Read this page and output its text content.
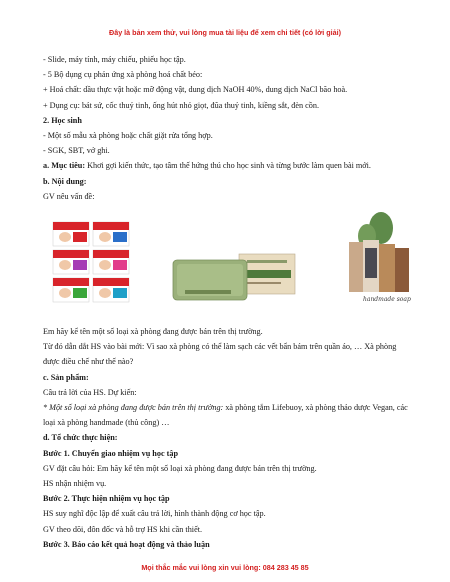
Đây là bản xem thử, vui lòng mua tài liệu để xem chi tiết (có lời giải)
- Slide, máy tính, máy chiếu, phiếu học tập.
- 5 Bộ dụng cụ phản ứng xà phòng hoá chất béo:
+ Hoá chất: dầu thực vật hoặc mỡ động vật, dung dịch NaOH 40%, dung dịch NaCl bão hoà.
+ Dụng cụ: bát sứ, cốc thuỷ tinh, ống hút nhỏ giọt, đũa thuỷ tinh, kiềng sắt, đèn cồn.
2. Học sinh
- Một số mẫu xà phòng hoặc chất giặt rửa tổng hợp.
- SGK, SBT, vở ghi.
a. Mục tiêu: Khơi gợi kiến thức, tạo tâm thế hứng thú cho học sinh và từng bước làm quen bài mới.
b. Nội dung:
GV nêu vấn đề:
handmade soap
Em hãy kể tên một số loại xà phòng đang được bán trên thị trường.
Từ đó dẫn dắt HS vào bài mới: Vì sao xà phòng có thể làm sạch các vết bẩn bám trên quần áo, … Xà phòng được điều chế như thế nào?
c. Sản phẩm:
Câu trả lời của HS. Dự kiến:
* Một số loại xà phòng đang được bán trên thị trường: xà phòng tắm Lifebuoy, xà phòng thảo dược Vegan, các loại xà phòng handmade (thủ công) …
d. Tổ chức thực hiện:
Bước 1. Chuyển giao nhiệm vụ học tập
GV đặt câu hỏi: Em hãy kể tên một số loại xà phòng đang được bán trên thị trường.
HS nhận nhiệm vụ.
Bước 2. Thực hiện nhiệm vụ học tập
HS suy nghĩ độc lập để xuất câu trả lời, hình thành động cơ học tập.
GV theo dõi, đôn đốc và hỗ trợ HS khi cần thiết.
Bước 3. Báo cáo kết quả hoạt động và thảo luận
Mọi thắc mắc vui lòng xin vui lòng: 084 283 45 85
